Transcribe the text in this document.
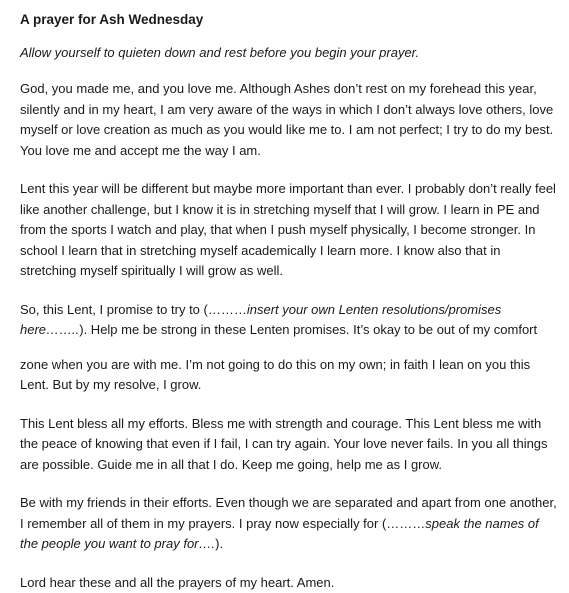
A prayer for Ash Wednesday
Allow yourself to quieten down and rest before you begin your prayer.
God, you made me, and you love me. Although Ashes don’t rest on my forehead this year, silently and in my heart, I am very aware of the ways in which I don’t always love others, love myself or love creation as much as you would like me to. I am not perfect; I try to do my best. You love me and accept me the way I am.
Lent this year will be different but maybe more important than ever. I probably don’t really feel like another challenge, but I know it is in stretching myself that I will grow. I learn in PE and from the sports I watch and play, that when I push myself physically, I become stronger. In school I learn that in stretching myself academically I learn more. I know also that in stretching myself spiritually I will grow as well.
So, this Lent, I promise to try to (………insert your own Lenten resolutions/promises here……..). Help me be strong in these Lenten promises. It’s okay to be out of my comfort
zone when you are with me. I’m not going to do this on my own; in faith I lean on you this Lent. But by my resolve, I grow.
This Lent bless all my efforts. Bless me with strength and courage. This Lent bless me with the peace of knowing that even if I fail, I can try again. Your love never fails. In you all things are possible. Guide me in all that I do. Keep me going, help me as I grow.
Be with my friends in their efforts. Even though we are separated and apart from one another, I remember all of them in my prayers. I pray now especially for (………speak the names of the people you want to pray for….).
Lord hear these and all the prayers of my heart. Amen.
